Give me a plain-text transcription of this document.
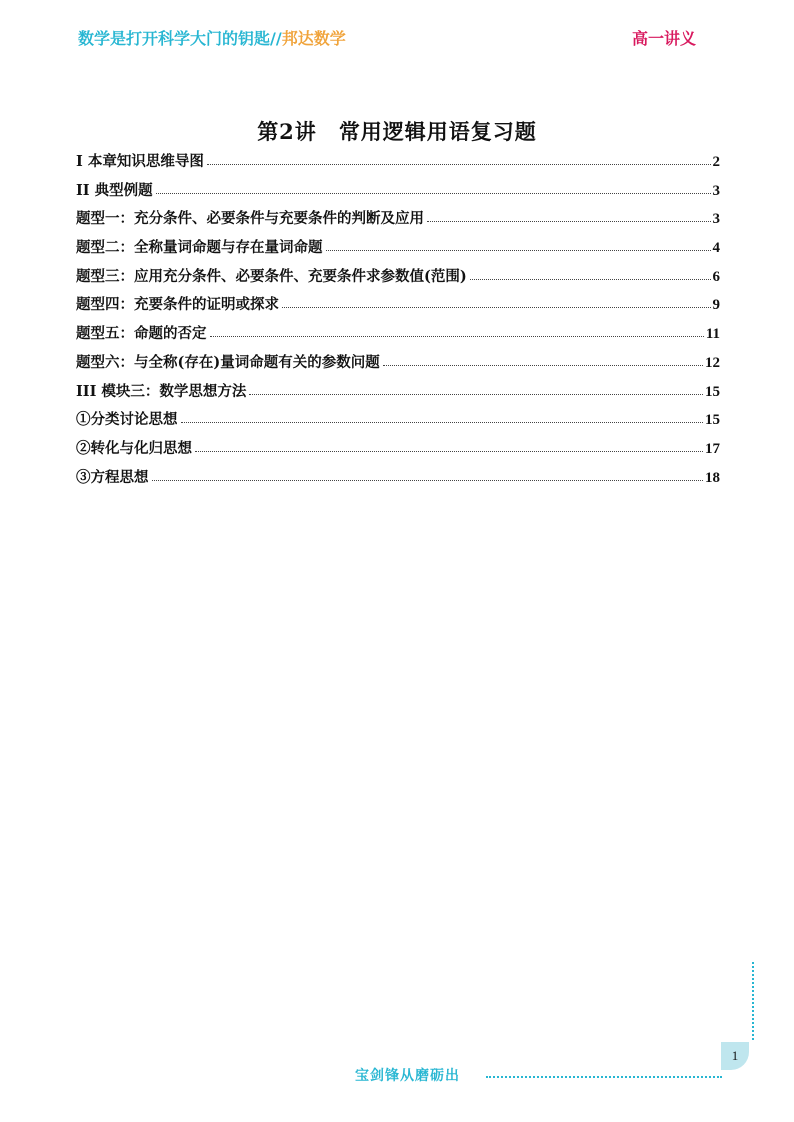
数学是打开科学大门的钥匙//邦达数学	高一讲义
第2讲 常用逻辑用语复习题
I 本章知识思维导图	2
II 典型例题	3
题型一：充分条件、必要条件与充要条件的判断及应用	3
题型二：全称量词命题与存在量词命题	4
题型三：应用充分条件、必要条件、充要条件求参数值(范围)	6
题型四：充要条件的证明或探求	9
题型五：命题的否定	11
题型六：与全称(存在)量词命题有关的参数问题	12
III 模块三：数学思想方法	15
①分类讨论思想	15
②转化与化归思想	17
③方程思想	18
1
宝剑锋从磨砺出
